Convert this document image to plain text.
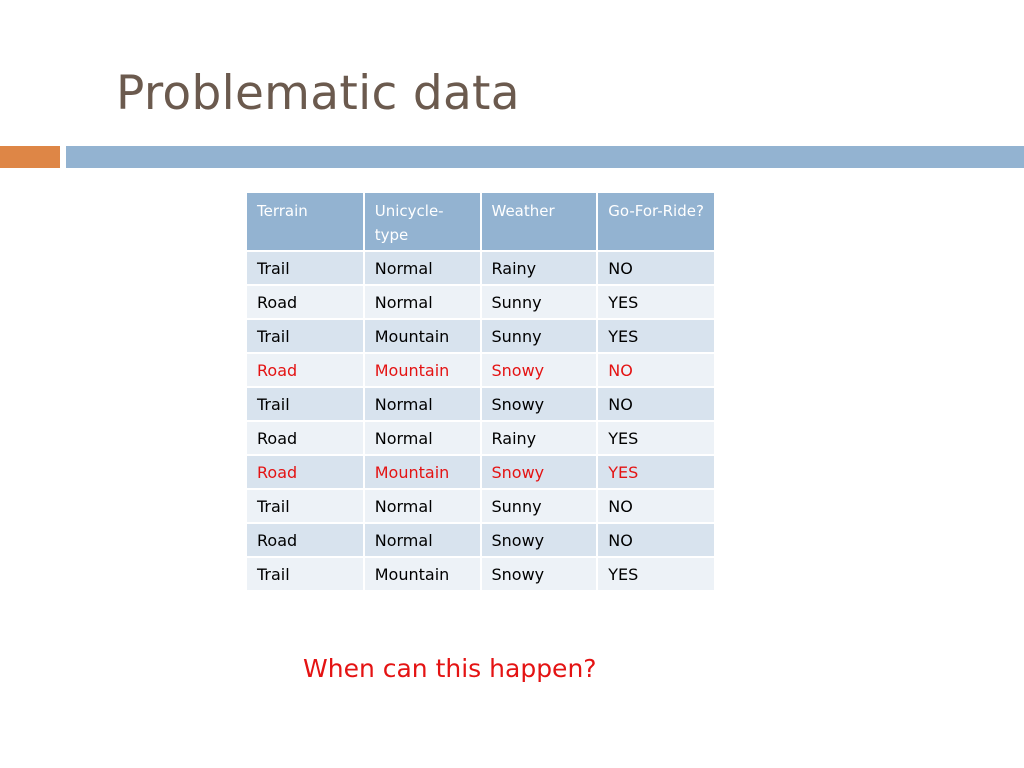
Problematic data
Terrain	Unicycle-type	Weather	Go-For-Ride?
Trail	Normal	Rainy	NO
Road	Normal	Sunny	YES
Trail	Mountain	Sunny	YES
Road	Mountain	Snowy	NO
Trail	Normal	Snowy	NO
Road	Normal	Rainy	YES
Road	Mountain	Snowy	YES
Trail	Normal	Sunny	NO
Road	Normal	Snowy	NO
Trail	Mountain	Snowy	YES
When can this happen?
